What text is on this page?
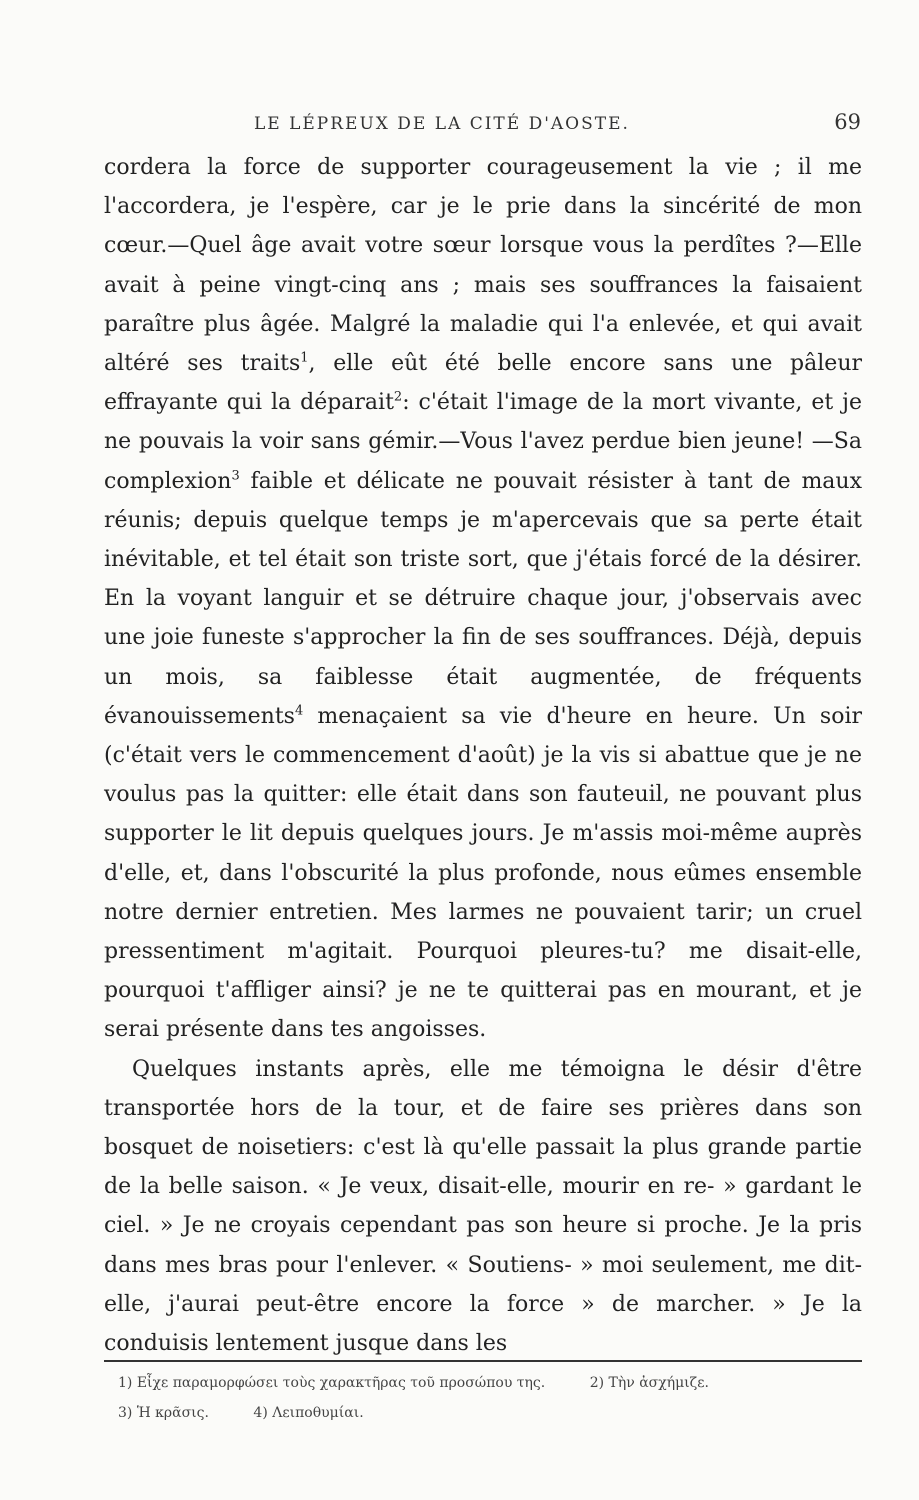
LE LÉPREUX DE LA CITÉ D'AOSTE.	69

cordera la force de supporter courageusement la vie ; il me l'accordera, je l'espère, car je le prie dans la sincérité de mon cœur.—Quel âge avait votre sœur lorsque vous la perdîtes ?—Elle avait à peine vingt-cinq ans ; mais ses souffrances la faisaient paraître plus âgée. Malgré la maladie qui l'a enlevée, et qui avait altéré ses traits$^1$, elle eût été belle encore sans une pâleur effrayante qui la déparait$^2$: c'était l'image de la mort vivante, et je ne pouvais la voir sans gémir.—Vous l'avez perdue bien jeune! —Sa complexion$^3$ faible et délicate ne pouvait résister à tant de maux réunis; depuis quelque temps je m'apercevais que sa perte était inévitable, et tel était son triste sort, que j'étais forcé de la désirer. En la voyant languir et se détruire chaque jour, j'observais avec une joie funeste s'approcher la fin de ses souffrances. Déjà, depuis un mois, sa faiblesse était augmentée, de fréquents évanouissements$^4$ menaçaient sa vie d'heure en heure. Un soir (c'était vers le commencement d'août) je la vis si abattue que je ne voulus pas la quitter: elle était dans son fauteuil, ne pouvant plus supporter le lit depuis quelques jours. Je m'assis moi-même auprès d'elle, et, dans l'obscurité la plus profonde, nous eûmes ensemble notre dernier entretien. Mes larmes ne pouvaient tarir; un cruel pressentiment m'agitait. Pourquoi pleures-tu? me disait-elle, pourquoi t'affliger ainsi? je ne te quitterai pas en mourant, et je serai présente dans tes angoisses.

Quelques instants après, elle me témoigna le désir d'être transportée hors de la tour, et de faire ses prières dans son bosquet de noisetiers: c'est là qu'elle passait la plus grande partie de la belle saison. « Je veux, disait-elle, mourir en re- » gardant le ciel. » Je ne croyais cependant pas son heure si proche. Je la pris dans mes bras pour l'enlever. « Soutiens- » moi seulement, me dit-elle, j'aurai peut-être encore la force » de marcher. » Je la conduisis lentement jusque dans les

1) Εἶχε παραμορφώσει τοὺς χαρακτῆρας τοῦ προσώπου της.	2) Τὴν ἀσχήμιζε.
3) Ἡ κρᾶσις.	4) Λειποθυμίαι.
